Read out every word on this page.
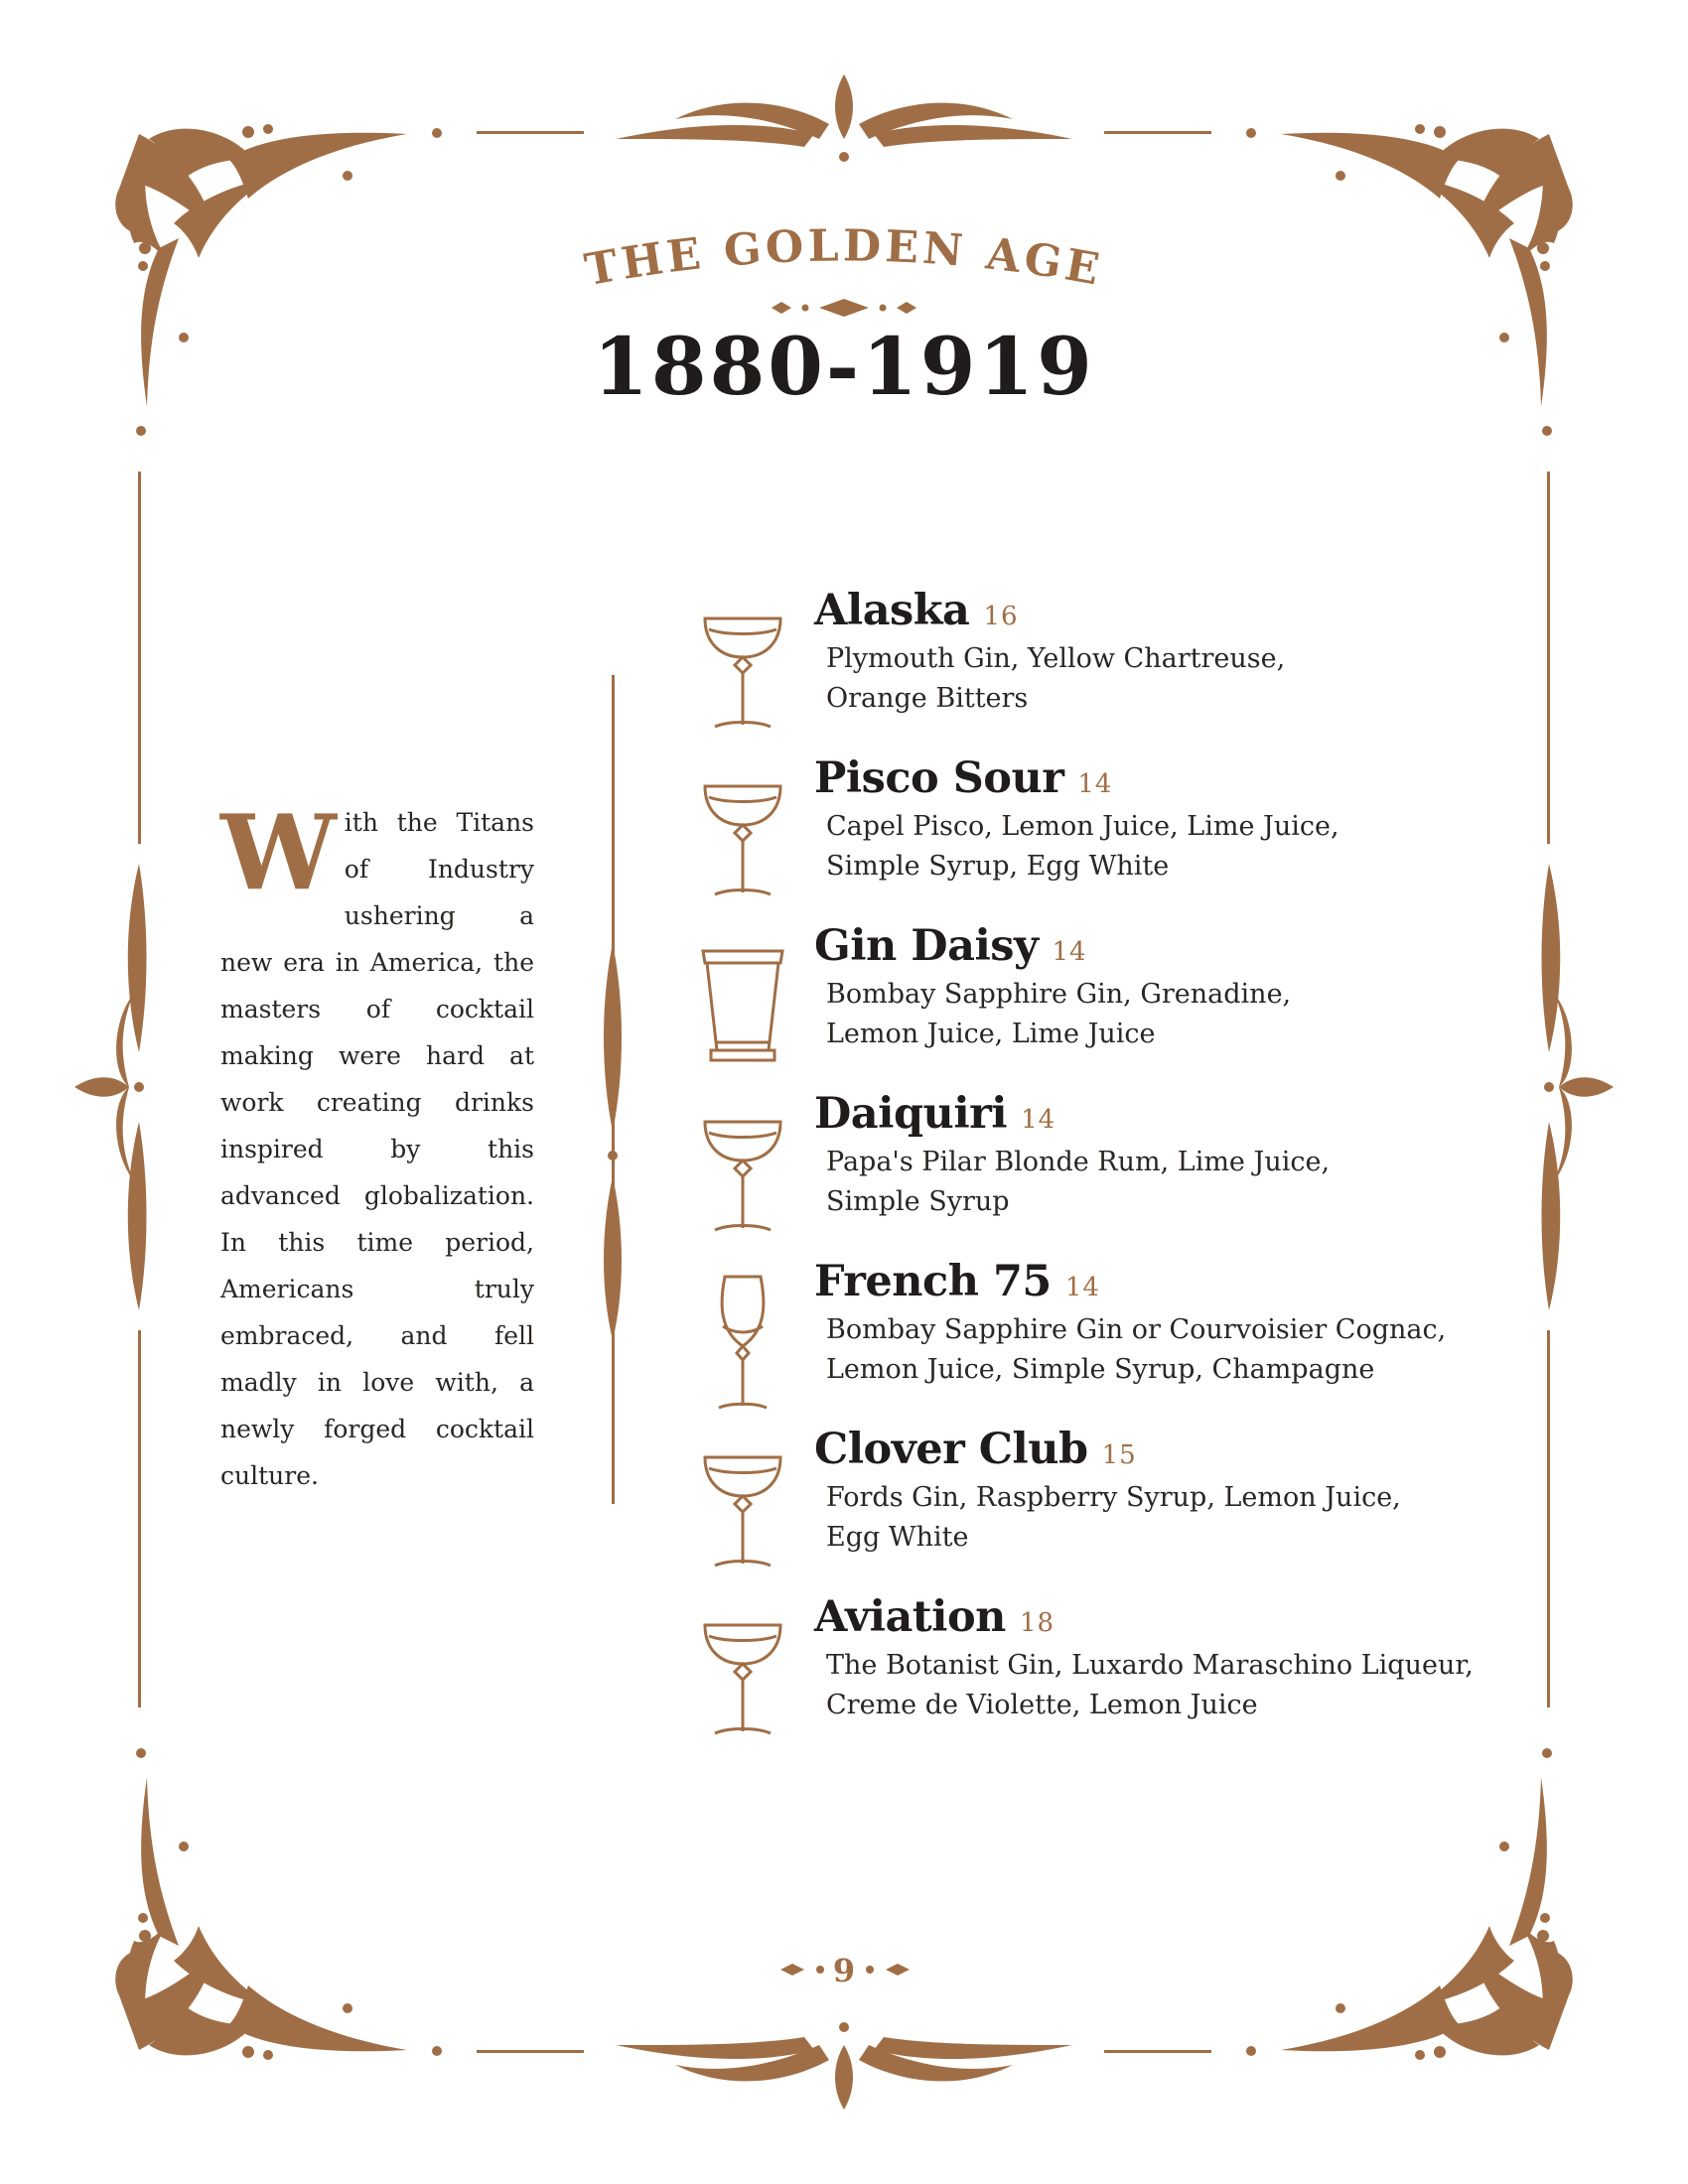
THE GOLDEN AGE
1880-1919
W ith the Titans of Industry ushering a new era in America, the masters of cocktail making were hard at work creating drinks inspired by this advanced globalization. In this time period, Americans truly embraced, and fell madly in love with, a newly forged cocktail culture.
Alaska 16
Plymouth Gin, Yellow Chartreuse,
Orange Bitters
Pisco Sour 14
Capel Pisco, Lemon Juice, Lime Juice,
Simple Syrup, Egg White
Gin Daisy 14
Bombay Sapphire Gin, Grenadine,
Lemon Juice, Lime Juice
Daiquiri 14
Papa's Pilar Blonde Rum, Lime Juice,
Simple Syrup
French 75 14
Bombay Sapphire Gin or Courvoisier Cognac,
Lemon Juice, Simple Syrup, Champagne
Clover Club 15
Fords Gin, Raspberry Syrup, Lemon Juice,
Egg White
Aviation 18
The Botanist Gin, Luxardo Maraschino Liqueur,
Creme de Violette, Lemon Juice
9
